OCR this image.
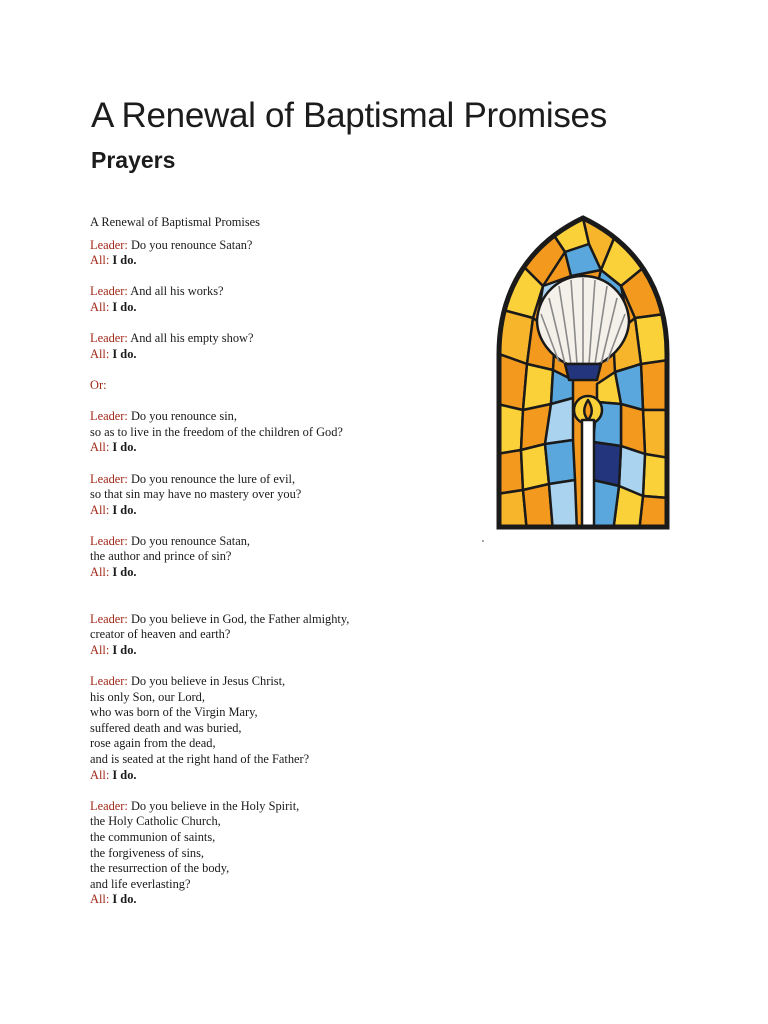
A Renewal of Baptismal Promises
Prayers
A Renewal of Baptismal Promises
Leader: Do you renounce Satan?
All: I do.
Leader: And all his works?
All: I do.
Leader: And all his empty show?
All: I do.
Or:
Leader: Do you renounce sin,
so as to live in the freedom of the children of God?
All: I do.
Leader: Do you renounce the lure of evil,
so that sin may have no mastery over you?
All: I do.
Leader: Do you renounce Satan,
the author and prince of sin?
All: I do.
Leader: Do you believe in God, the Father almighty,
creator of heaven and earth?
All: I do.
Leader: Do you believe in Jesus Christ,
his only Son, our Lord,
who was born of the Virgin Mary,
suffered death and was buried,
rose again from the dead,
and is seated at the right hand of the Father?
All: I do.
Leader: Do you believe in the Holy Spirit,
the Holy Catholic Church,
the communion of saints,
the forgiveness of sins,
the resurrection of the body,
and life everlasting?
All: I do.
